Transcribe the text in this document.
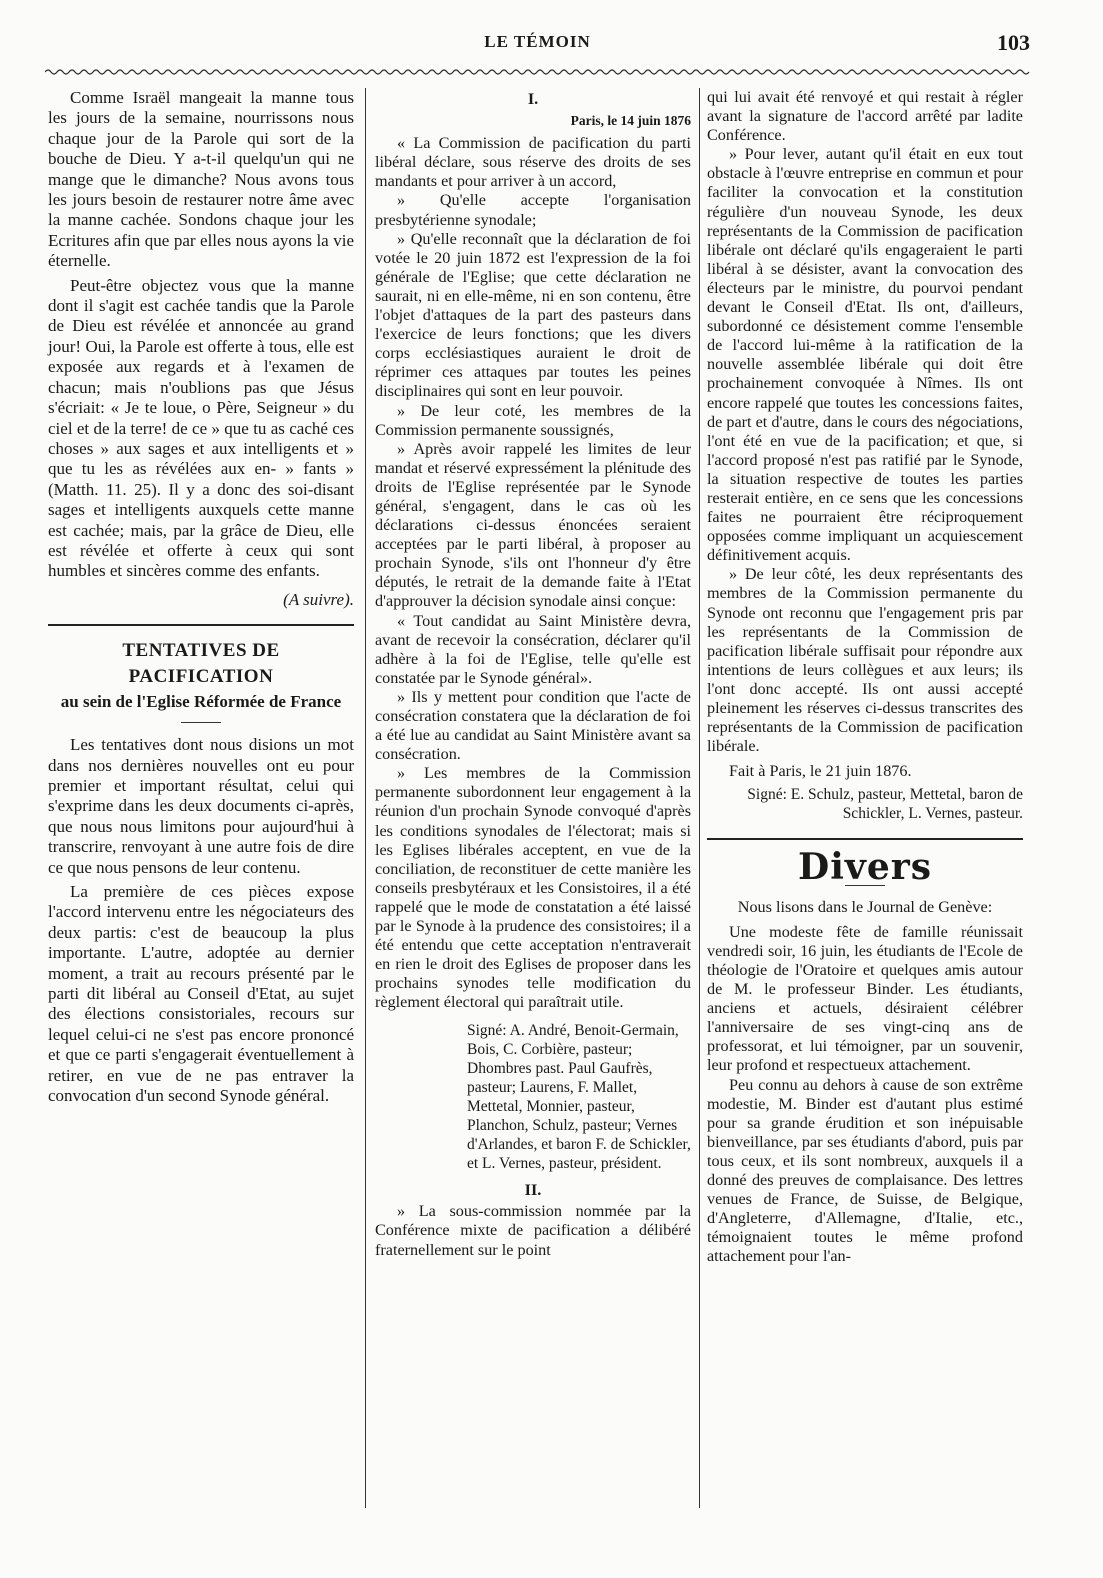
LE TÉMOIN	103

Comme Israël mangeait la manne tous les jours de la semaine, nourrissons nous chaque jour de la Parole qui sort de la bouche de Dieu. Y a-t-il quelqu'un qui ne mange que le dimanche? Nous avons tous les jours besoin de restaurer notre âme avec la manne cachée. Sondons chaque jour les Ecritures afin que par elles nous ayons la vie éternelle.

Peut-être objectez vous que la manne dont il s'agit est cachée tandis que la Parole de Dieu est révélée et annoncée au grand jour! Oui, la Parole est offerte à tous, elle est exposée aux regards et à l'examen de chacun; mais n'oublions pas que Jésus s'écriait: « Je te loue, o Père, Seigneur » du ciel et de la terre! de ce » que tu as caché ces choses » aux sages et aux intelligents et » que tu les as révélées aux en- » fants » (Matth. 11. 25). Il y a donc des soi-disant sages et intelligents auxquels cette manne est cachée; mais, par la grâce de Dieu, elle est révélée et offerte à ceux qui sont humbles et sincères comme des enfants.

(A suivre).
TENTATIVES DE PACIFICATION
au sein de l'Eglise Réformée de France

Les tentatives dont nous disions un mot dans nos dernières nouvelles ont eu pour premier et important résultat, celui qui s'exprime dans les deux documents ci-après, que nous nous limitons pour aujourd'hui à transcrire, renvoyant à une autre fois de dire ce que nous pensons de leur contenu.

La première de ces pièces expose l'accord intervenu entre les négociateurs des deux partis: c'est de beaucoup la plus importante. L'autre, adoptée au dernier moment, a trait au recours présenté par le parti dit libéral au Conseil d'Etat, au sujet des élections consistoriales, recours sur lequel celui-ci ne s'est pas encore prononcé et que ce parti s'engagerait éventuellement à retirer, en vue de ne pas entraver la convocation d'un second Synode général.

I.
Paris, le 14 juin 1876

« La Commission de pacification du parti libéral déclare, sous réserve des droits de ses mandants et pour arriver à un accord,

» Qu'elle accepte l'organisation presbytérienne synodale;

» Qu'elle reconnaît que la déclaration de foi votée le 20 juin 1872 est l'expression de la foi générale de l'Eglise; que cette déclaration ne saurait, ni en elle-même, ni en son contenu, être l'objet d'attaques de la part des pasteurs dans l'exercice de leurs fonctions; que les divers corps ecclésiastiques auraient le droit de réprimer ces attaques par toutes les peines disciplinaires qui sont en leur pouvoir.

» De leur coté, les membres de la Commission permanente soussignés,

» Après avoir rappelé les limites de leur mandat et réservé expressément la plénitude des droits de l'Eglise représentée par le Synode général, s'engagent, dans le cas où les déclarations ci-dessus énoncées seraient acceptées par le parti libéral, à proposer au prochain Synode, s'ils ont l'honneur d'y être députés, le retrait de la demande faite à l'Etat d'approuver la décision synodale ainsi conçue:

« Tout candidat au Saint Ministère devra, avant de recevoir la consécration, déclarer qu'il adhère à la foi de l'Eglise, telle qu'elle est constatée par le Synode général».

» Ils y mettent pour condition que l'acte de consécration constatera que la déclaration de foi a été lue au candidat au Saint Ministère avant sa consécration.

» Les membres de la Commission permanente subordonnent leur engagement à la réunion d'un prochain Synode convoqué d'après les conditions synodales de l'électorat; mais si les Eglises libérales acceptent, en vue de la conciliation, de reconstituer de cette manière les conseils presbytéraux et les Consistoires, il a été rappelé que le mode de constatation a été laissé par le Synode à la prudence des consistoires; il a été entendu que cette acceptation n'entraverait en rien le droit des Eglises de proposer dans les prochains synodes telle modification du règlement électoral qui paraîtrait utile.

Signé: A. André, Benoit-Germain, Bois, C. Corbière, pasteur; Dhombres past. Paul Gaufrès, pasteur; Laurens, F. Mallet, Mettetal, Monnier, pasteur, Planchon, Schulz, pasteur; Vernes d'Arlandes, et baron F. de Schickler, et L. Vernes, pasteur, président.
II.

» La sous-commission nommée par la Conférence mixte de pacification a délibéré fraternellement sur le point

qui lui avait été renvoyé et qui restait à régler avant la signature de l'accord arrêté par ladite Conférence.

» Pour lever, autant qu'il était en eux tout obstacle à l'œuvre entreprise en commun et pour faciliter la convocation et la constitution régulière d'un nouveau Synode, les deux représentants de la Commission de pacification libérale ont déclaré qu'ils engageraient le parti libéral à se désister, avant la convocation des électeurs par le ministre, du pourvoi pendant devant le Conseil d'Etat. Ils ont, d'ailleurs, subordonné ce désistement comme l'ensemble de l'accord lui-même à la ratification de la nouvelle assemblée libérale qui doit être prochainement convoquée à Nîmes. Ils ont encore rappelé que toutes les concessions faites, de part et d'autre, dans le cours des négociations, l'ont été en vue de la pacification; et que, si l'accord proposé n'est pas ratifié par le Synode, la situation respective de toutes les parties resterait entière, en ce sens que les concessions faites ne pourraient être réciproquement opposées comme impliquant un acquiescement définitivement acquis.

» De leur côté, les deux représentants des membres de la Commission permanente du Synode ont reconnu que l'engagement pris par les représentants de la Commission de pacification libérale suffisait pour répondre aux intentions de leurs collègues et aux leurs; ils l'ont donc accepté. Ils ont aussi accepté pleinement les réserves ci-dessus transcrites des représentants de la Commission de pacification libérale.

Fait à Paris, le 21 juin 1876.

Signé: E. Schulz, pasteur, Mettetal, baron de Schickler, L. Vernes, pasteur.
Divers
Nous lisons dans le Journal de Genève:

Une modeste fête de famille réunissait vendredi soir, 16 juin, les étudiants de l'Ecole de théologie de l'Oratoire et quelques amis autour de M. le professeur Binder. Les étudiants, anciens et actuels, désiraient célébrer l'anniversaire de ses vingt-cinq ans de professorat, et lui témoigner, par un souvenir, leur profond et respectueux attachement.

Peu connu au dehors à cause de son extrême modestie, M. Binder est d'autant plus estimé pour sa grande érudition et son inépuisable bienveillance, par ses étudiants d'abord, puis par tous ceux, et ils sont nombreux, auxquels il a donné des preuves de complaisance. Des lettres venues de France, de Suisse, de Belgique, d'Angleterre, d'Allemagne, d'Italie, etc., témoignaient toutes le même profond attachement pour l'an-
